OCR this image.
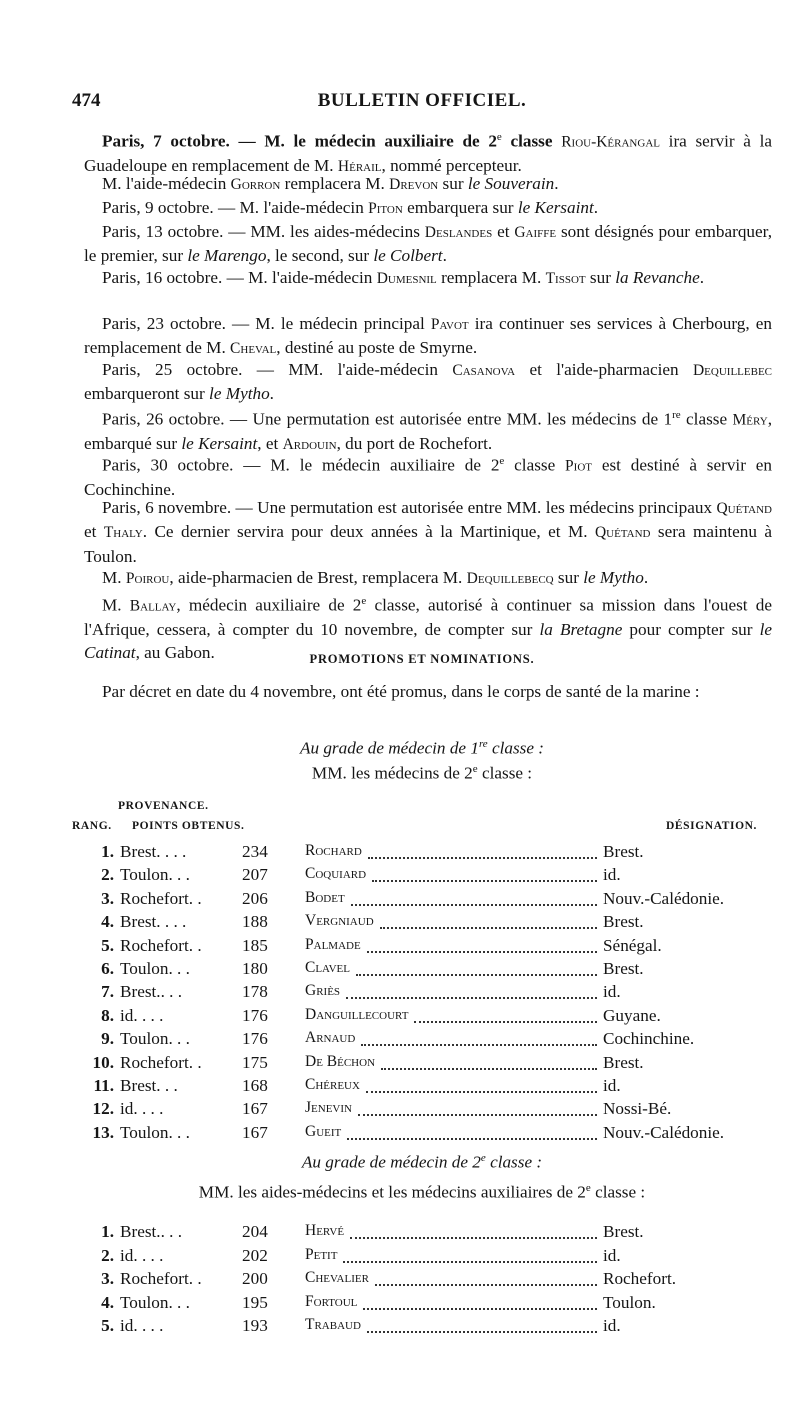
474	BULLETIN OFFICIEL.

Paris, 7 octobre. — M. le médecin auxiliaire de 2e classe Riou-Kérangal ira servir à la Guadeloupe en remplacement de M. Hérail, nommé percepteur.

M. l'aide-médecin Gorron remplacera M. Drevon sur le Souverain.

Paris, 9 octobre. — M. l'aide-médecin Piton embarquera sur le Kersaint.

Paris, 13 octobre. — MM. les aides-médecins Deslandes et Gaiffe sont désignés pour embarquer, le premier, sur le Marengo, le second, sur le Colbert.

Paris, 16 octobre. — M. l'aide-médecin Dumesnil remplacera M. Tissot sur la Revanche.

Paris, 23 octobre. — M. le médecin principal Pavot ira continuer ses services à Cherbourg, en remplacement de M. Cheval, destiné au poste de Smyrne.

Paris, 25 octobre. — MM. l'aide-médecin Casanova et l'aide-pharmacien Dequillebec embarqueront sur le Mytho.

Paris, 26 octobre. — Une permutation est autorisée entre MM. les médecins de 1re classe Méry, embarqué sur le Kersaint, et Ardouin, du port de Rochefort.

Paris, 30 octobre. — M. le médecin auxiliaire de 2e classe Piot est destiné à servir en Cochinchine.

Paris, 6 novembre. — Une permutation est autorisée entre MM. les médecins principaux Quétand et Thaly. Ce dernier servira pour deux années à la Martinique, et M. Quétand sera maintenu à Toulon.

M. Poirou, aide-pharmacien de Brest, remplacera M. Dequillebecq sur le Mytho.

M. Ballay, médecin auxiliaire de 2e classe, autorisé à continuer sa mission dans l'ouest de l'Afrique, cessera, à compter du 10 novembre, de compter sur la Bretagne pour compter sur le Catinat, au Gabon.	PROMOTIONS ET NOMINATIONS.

Par décret en date du 4 novembre, ont été promus, dans le corps de santé de la marine :

Au grade de médecin de 1re classe :
MM. les médecins de 2e classe :
PROVENANCE.
RANG. POINTS OBTENUS.	DÉSIGNATION.
1. Brest. . . .	234 Rochard	Brest.
2. Toulon. . .	207 Coquiard	id.
3. Rochefort. . 206 Bodet	Nouv.-Calédonie.
4. Brest. . . .	188 Vergniaud	Brest.
5. Rochefort. . 185 Palmade	Sénégal.
6. Toulon. . .	180 Clavel	Brest.
7. Brest.. . .	178 Griès	id.
8. id. . . .	176 Danguillecourt	Guyane.
9. Toulon. . .	176 Arnaud	Cochinchine.
10. Rochefort. . 175 De Béchon	Brest.
11. Brest. . .	168 Chéreux	id.
12. id. . . .	167 Jenevin	Nossi-Bé.
13. Toulon. . .	167 Gueit	Nouv.-Calédonie.
Au grade de médecin de 2e classe :
MM. les aides-médecins et les médecins auxiliaires de 2e classe :
1. Brest.. . .	204 Hervé	Brest.
2. id. . . .	202 Petit	id.
3. Rochefort. . 200 Chevalier	Rochefort.
4. Toulon. . .	195 Fortoul	Toulon.
5. id. . . .	193 Trabaud	id.
